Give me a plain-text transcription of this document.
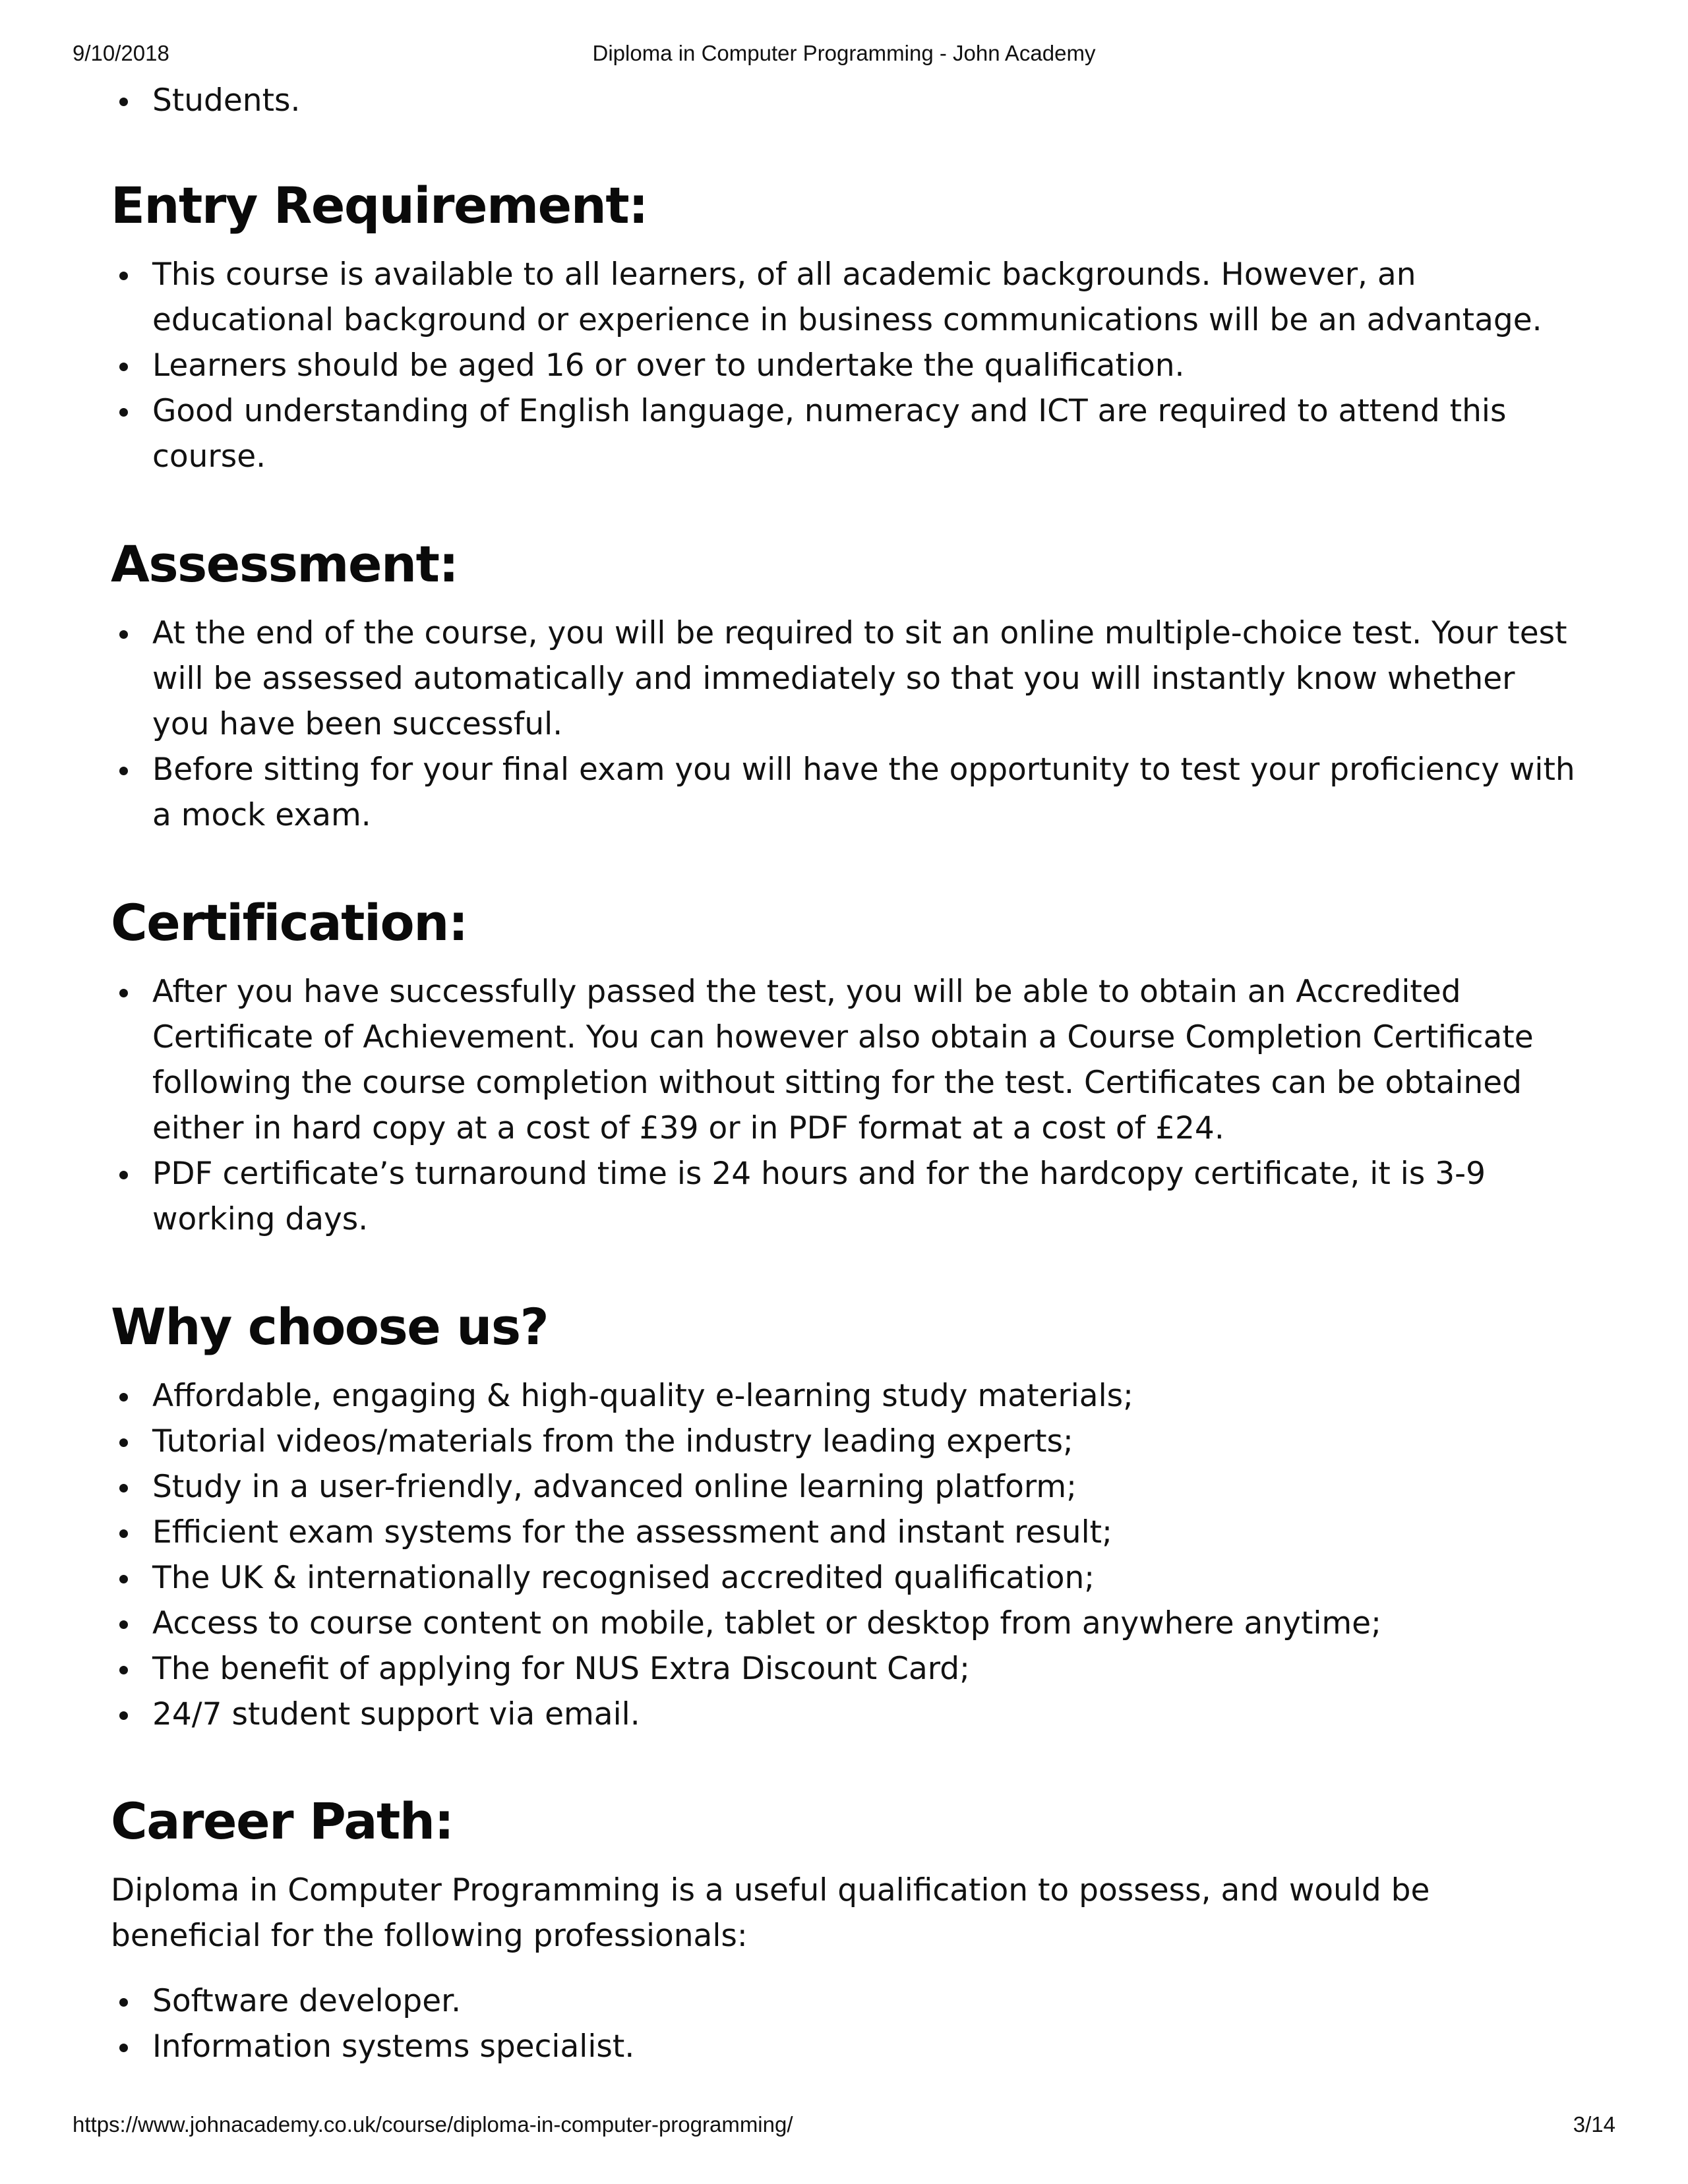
9/10/2018	Diploma in Computer Programming - John Academy
Students.
Entry Requirement:
This course is available to all learners, of all academic backgrounds. However, an educational background or experience in business communications will be an advantage.
Learners should be aged 16 or over to undertake the qualification.
Good understanding of English language, numeracy and ICT are required to attend this course.
Assessment:
At the end of the course, you will be required to sit an online multiple-choice test. Your test will be assessed automatically and immediately so that you will instantly know whether you have been successful.
Before sitting for your final exam you will have the opportunity to test your proficiency with a mock exam.
Certification:
After you have successfully passed the test, you will be able to obtain an Accredited Certificate of Achievement. You can however also obtain a Course Completion Certificate following the course completion without sitting for the test. Certificates can be obtained either in hard copy at a cost of £39 or in PDF format at a cost of £24.
PDF certificate’s turnaround time is 24 hours and for the hardcopy certificate, it is 3-9 working days.
Why choose us?
Affordable, engaging & high-quality e-learning study materials;
Tutorial videos/materials from the industry leading experts;
Study in a user-friendly, advanced online learning platform;
Efficient exam systems for the assessment and instant result;
The UK & internationally recognised accredited qualification;
Access to course content on mobile, tablet or desktop from anywhere anytime;
The benefit of applying for NUS Extra Discount Card;
24/7 student support via email.
Career Path:

Diploma in Computer Programming is a useful qualification to possess, and would be beneficial for the following professionals:

Software developer.
Information systems specialist.
https://www.johnacademy.co.uk/course/diploma-in-computer-programming/	3/14
